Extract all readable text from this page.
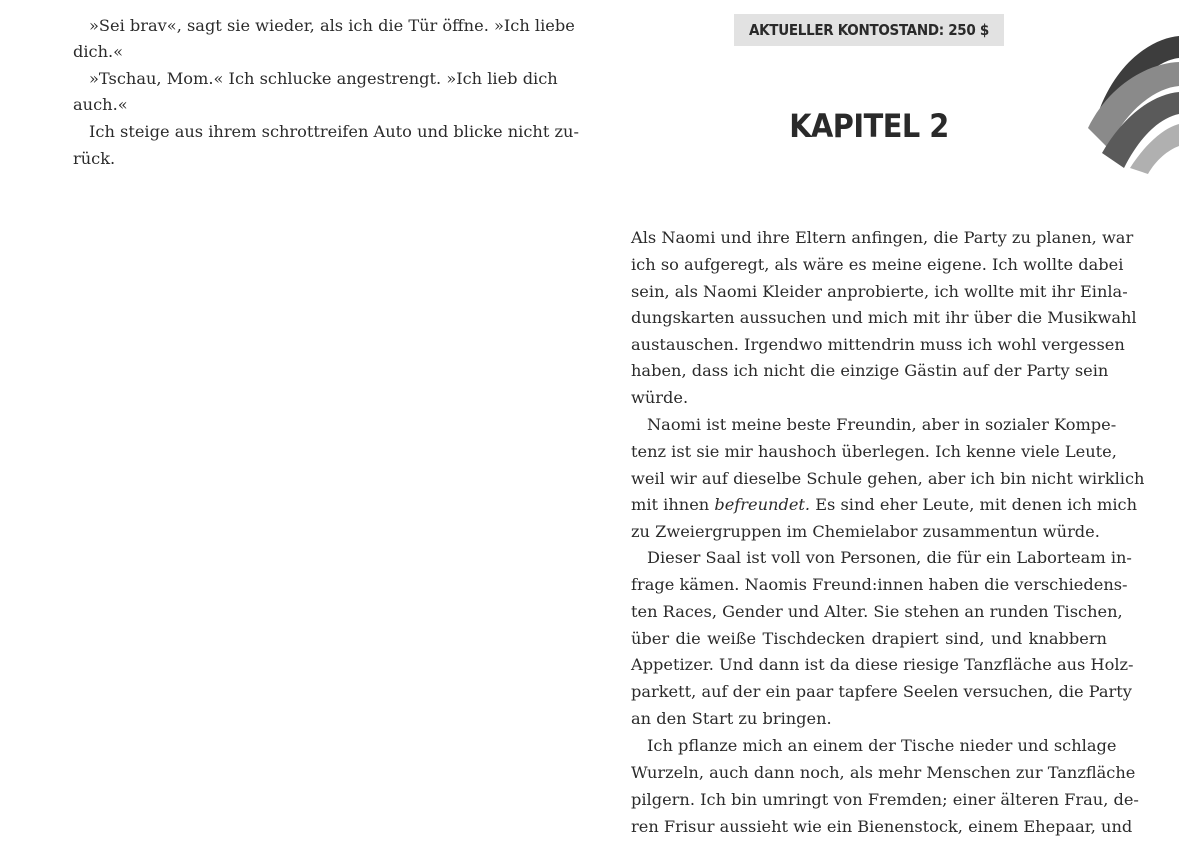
»Sei brav«, sagt sie wieder, als ich die Tür öffne. »Ich liebe

dich.«

»Tschau, Mom.« Ich schlucke angestrengt. »Ich lieb dich

auch.«

Ich steige aus ihrem schrottreifen Auto und blicke nicht zu-

rück.

AKTUELLER KONTOSTAND: 250 $
KAPITEL 2

Als Naomi und ihre Eltern anfingen, die Party zu planen, war

ich so aufgeregt, als wäre es meine eigene. Ich wollte dabei

sein, als Naomi Kleider anprobierte, ich wollte mit ihr Einla-

dungskarten aussuchen und mich mit ihr über die Musikwahl

austauschen. Irgendwo mittendrin muss ich wohl vergessen

haben, dass ich nicht die einzige Gästin auf der Party sein

würde.

Naomi ist meine beste Freundin, aber in sozialer Kompe-

tenz ist sie mir haushoch überlegen. Ich kenne viele Leute,

weil wir auf dieselbe Schule gehen, aber ich bin nicht wirklich

mit ihnen befreundet. Es sind eher Leute, mit denen ich mich

zu Zweiergruppen im Chemielabor zusammentun würde.

Dieser Saal ist voll von Personen, die für ein Laborteam in-

frage kämen. Naomis Freund:innen haben die verschiedens-

ten Races, Gender und Alter. Sie stehen an runden Tischen,

über die weiße Tischdecken drapiert sind, und knabbern

Appetizer. Und dann ist da diese riesige Tanzfläche aus Holz-

parkett, auf der ein paar tapfere Seelen versuchen, die Party

an den Start zu bringen.

Ich pflanze mich an einem der Tische nieder und schlage

Wurzeln, auch dann noch, als mehr Menschen zur Tanzfläche

pilgern. Ich bin umringt von Fremden; einer älteren Frau, de-

ren Frisur aussieht wie ein Bienenstock, einem Ehepaar, und
